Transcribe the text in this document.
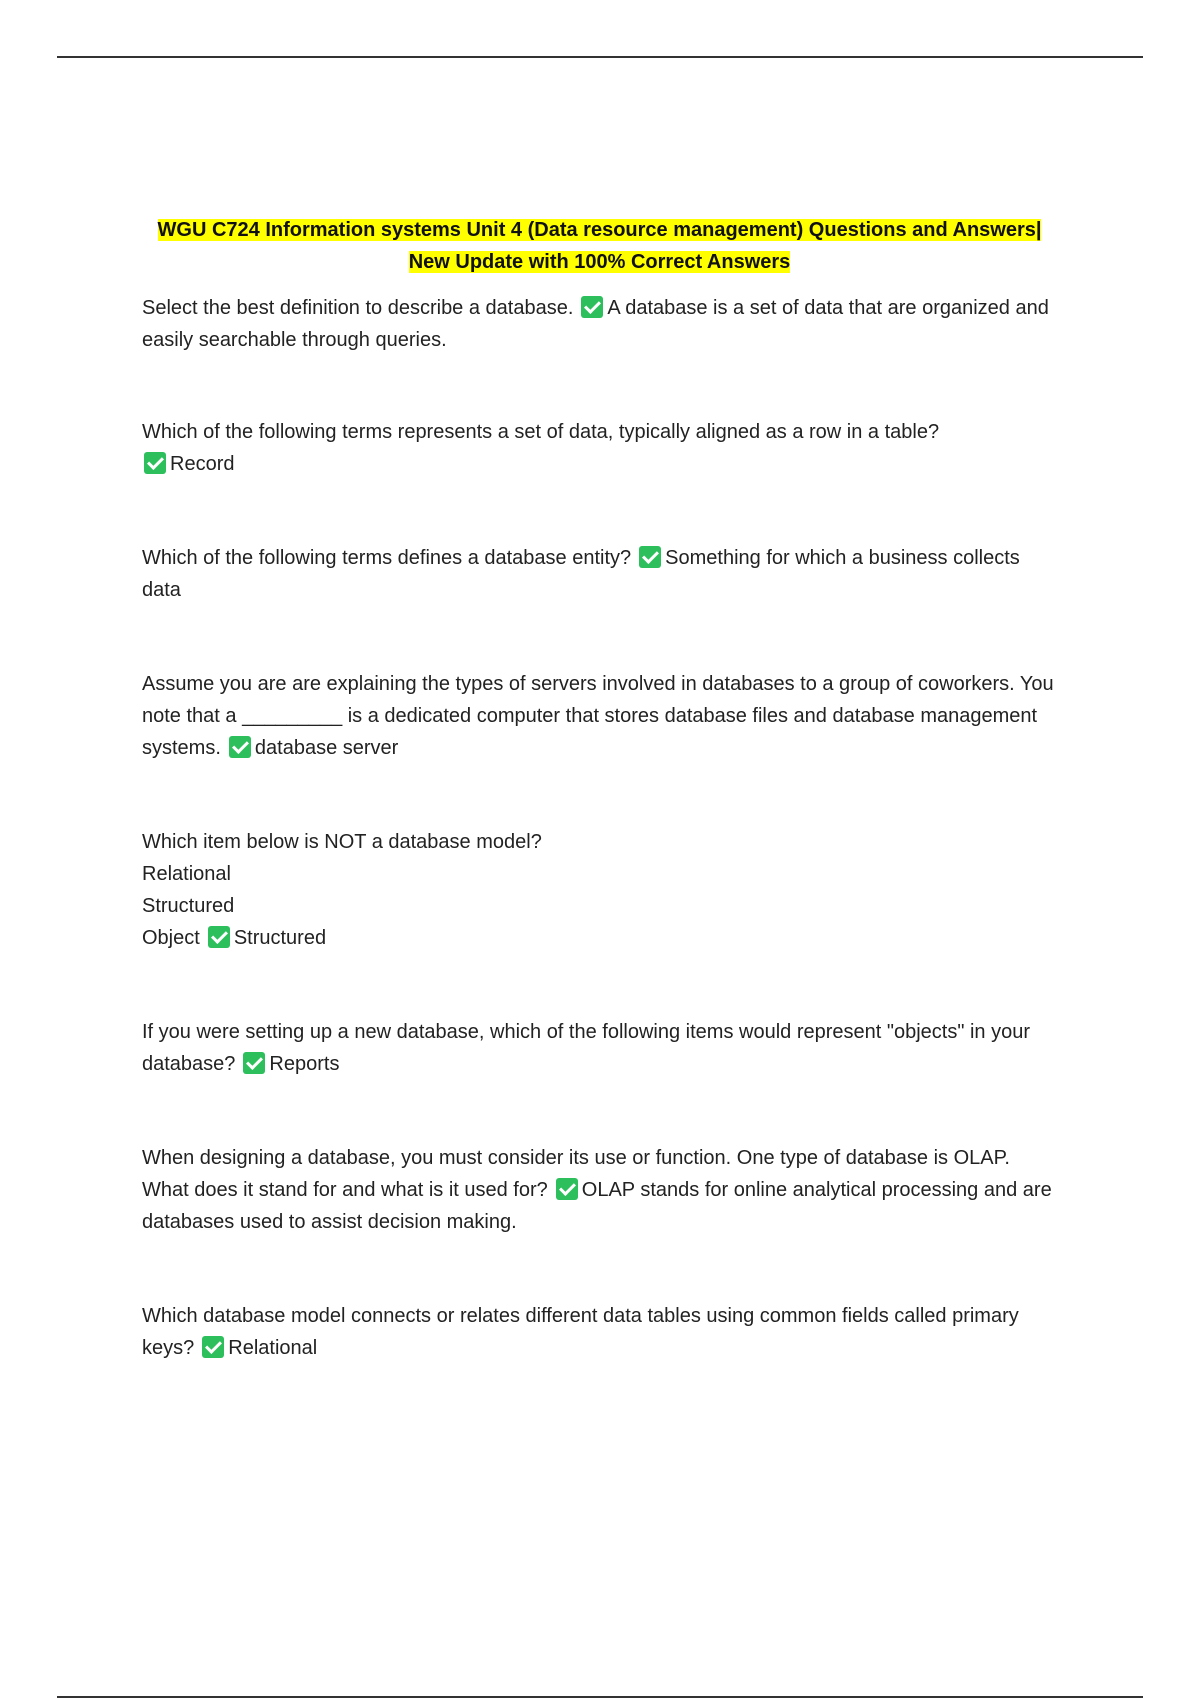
WGU C724 Information systems Unit 4 (Data resource management) Questions and Answers|
New Update with 100% Correct Answers
Select the best definition to describe a database. A database is a set of data that are organized and easily searchable through queries.
Which of the following terms represents a set of data, typically aligned as a row in a table?
Record
Which of the following terms defines a database entity? Something for which a business collects data
Assume you are are explaining the types of servers involved in databases to a group of coworkers. You note that a _________ is a dedicated computer that stores database files and database management systems. database server

Which item below is NOT a database model?

Relational

Structured

Object Structured

If you were setting up a new database, which of the following items would represent "objects" in your database? Reports
When designing a database, you must consider its use or function. One type of database is OLAP. What does it stand for and what is it used for? OLAP stands for online analytical processing and are databases used to assist decision making.
Which database model connects or relates different data tables using common fields called primary keys? Relational
